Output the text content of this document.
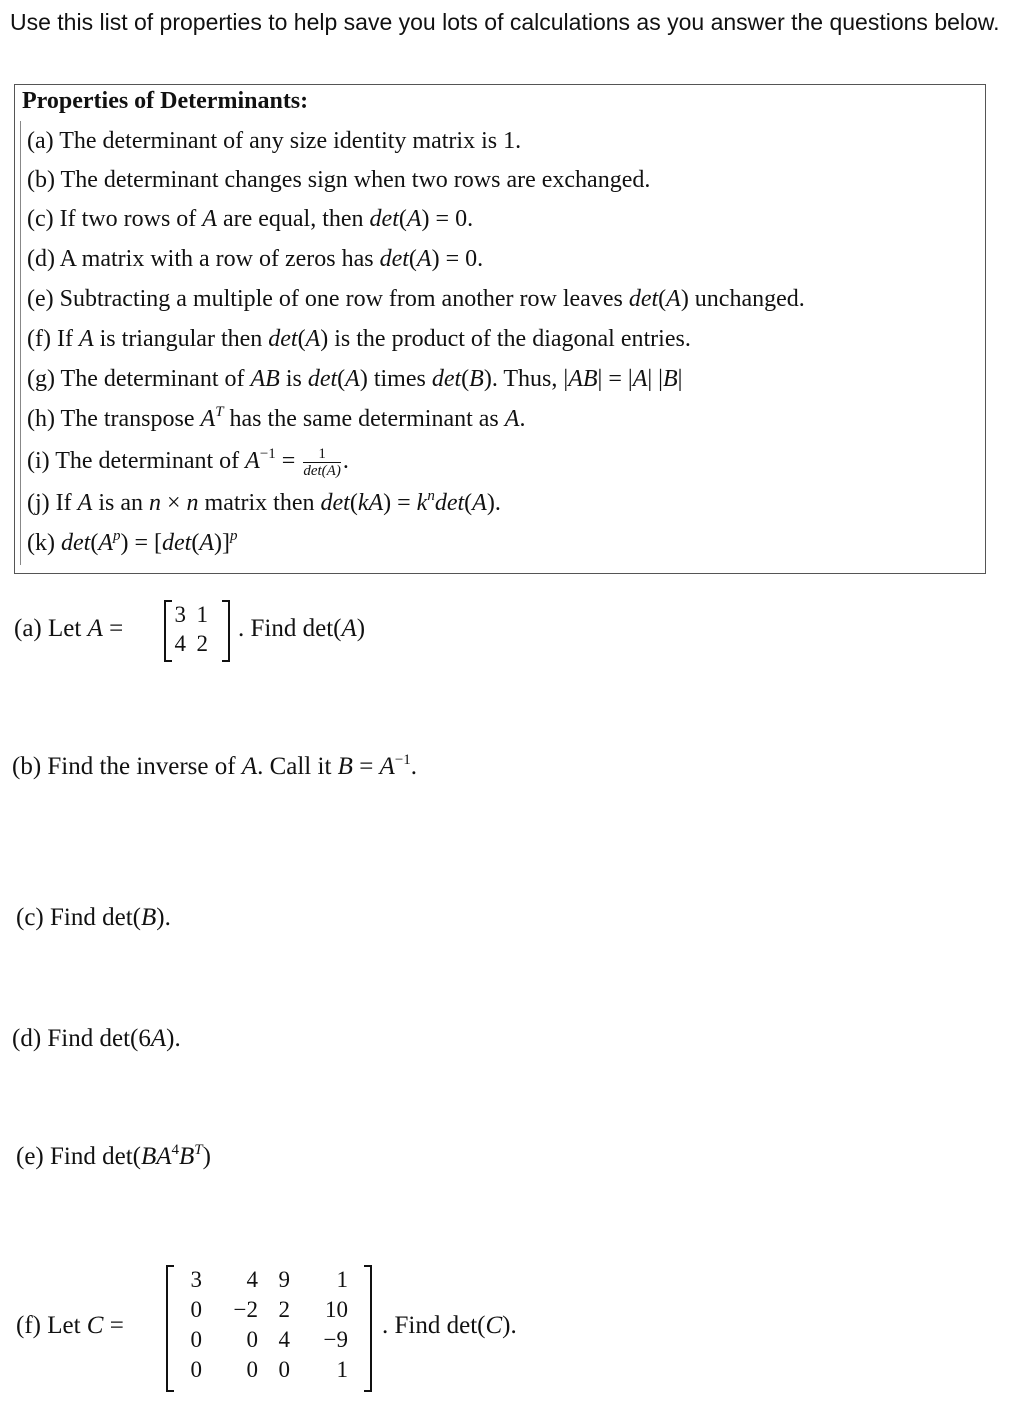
Use this list of properties to help save you lots of calculations as you answer the questions below.
Properties of Determinants:
(a) The determinant of any size identity matrix is 1.
(b) The determinant changes sign when two rows are exchanged.
(c) If two rows of A are equal, then det(A) = 0.
(d) A matrix with a row of zeros has det(A) = 0.
(e) Subtracting a multiple of one row from another row leaves det(A) unchanged.
(f) If A is triangular then det(A) is the product of the diagonal entries.
(g) The determinant of AB is det(A) times det(B). Thus, |AB| = |A| |B|
(h) The transpose $A^T$ has the same determinant as A.
(i) The determinant of $A^{-1} = \frac{1}{\det(A)}$ .
(j) If A is an n × n matrix then $\det(kA) = k^n\det(A)$.
(k) $\det(A^p) = [\det(A)]^p$
(a) Let A =
3 1
4 2
. Find det(A)
(b) Find the inverse of A. Call it $B = A^{-1}$.
(c) Find det(B).
(d) Find det(6A).
(e) Find $\det(BA^4B^T)$
(f) Let C =
3	4 9	1
0	−2 2	10
0	0 4	−9
0	0 0	1
. Find det(C).
